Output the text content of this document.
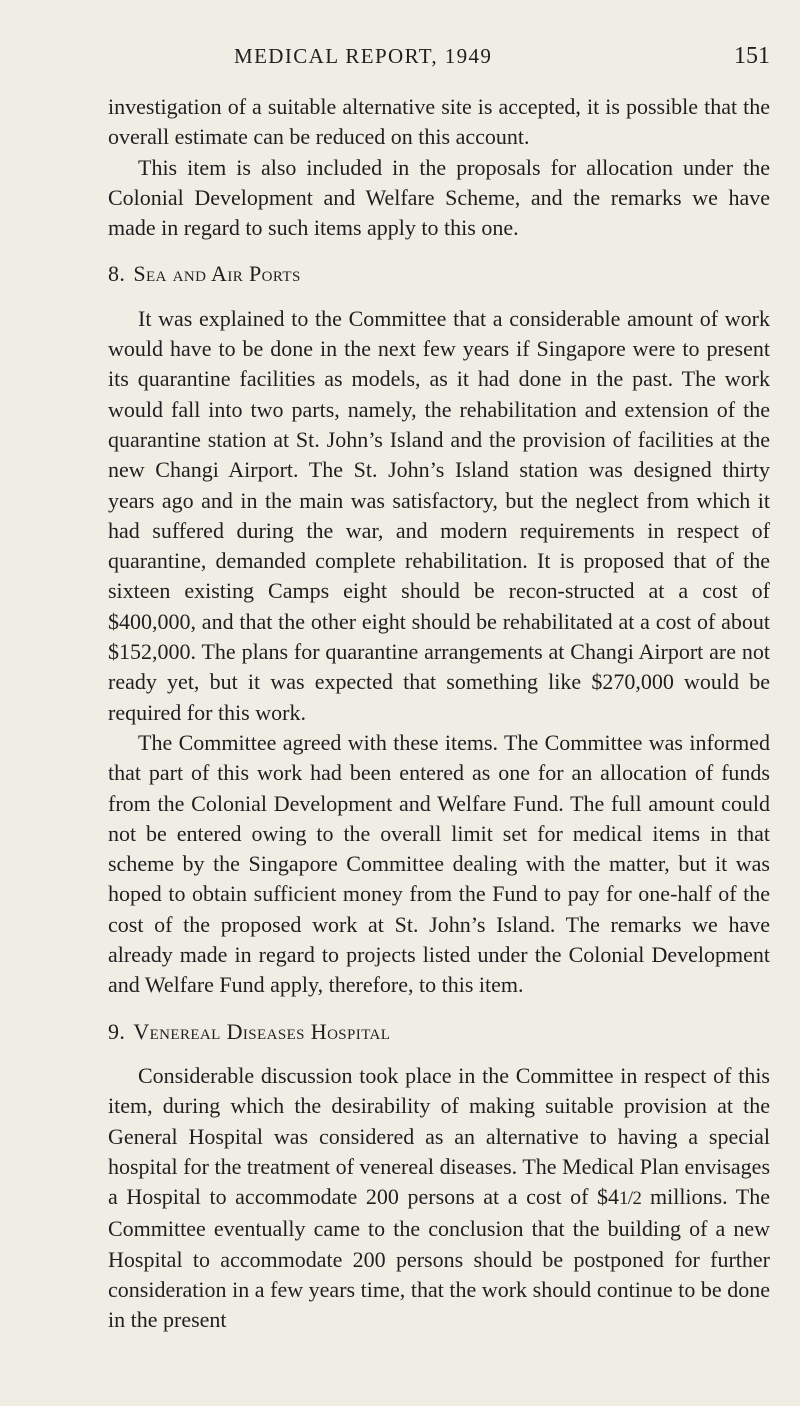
MEDICAL REPORT, 1949	151

investigation of a suitable alternative site is accepted, it is possible that the overall estimate can be reduced on this account.

This item is also included in the proposals for allocation under the Colonial Development and Welfare Scheme, and the remarks we have made in regard to such items apply to this one.

8. Sea and Air Ports

It was explained to the Committee that a considerable amount of work would have to be done in the next few years if Singapore were to present its quarantine facilities as models, as it had done in the past. The work would fall into two parts, namely, the rehabilitation and extension of the quarantine station at St. John’s Island and the provision of facilities at the new Changi Airport. The St. John’s Island station was designed thirty years ago and in the main was satisfactory, but the neglect from which it had suffered during the war, and modern requirements in respect of quarantine, demanded complete rehabilitation. It is proposed that of the sixteen existing Camps eight should be recon-structed at a cost of $400,000, and that the other eight should be rehabilitated at a cost of about $152,000. The plans for quarantine arrangements at Changi Airport are not ready yet, but it was expected that something like $270,000 would be required for this work.

The Committee agreed with these items. The Committee was informed that part of this work had been entered as one for an allocation of funds from the Colonial Development and Welfare Fund. The full amount could not be entered owing to the overall limit set for medical items in that scheme by the Singapore Committee dealing with the matter, but it was hoped to obtain sufficient money from the Fund to pay for one-half of the cost of the proposed work at St. John’s Island. The remarks we have already made in regard to projects listed under the Colonial Development and Welfare Fund apply, therefore, to this item.

9. Venereal Diseases Hospital

Considerable discussion took place in the Committee in respect of this item, during which the desirability of making suitable provision at the General Hospital was considered as an alternative to having a special hospital for the treatment of venereal diseases. The Medical Plan envisages a Hospital to accommodate 200 persons at a cost of $41/2 millions. The Committee eventually came to the conclusion that the building of a new Hospital to accommodate 200 persons should be postponed for further consideration in a few years time, that the work should continue to be done in the present
